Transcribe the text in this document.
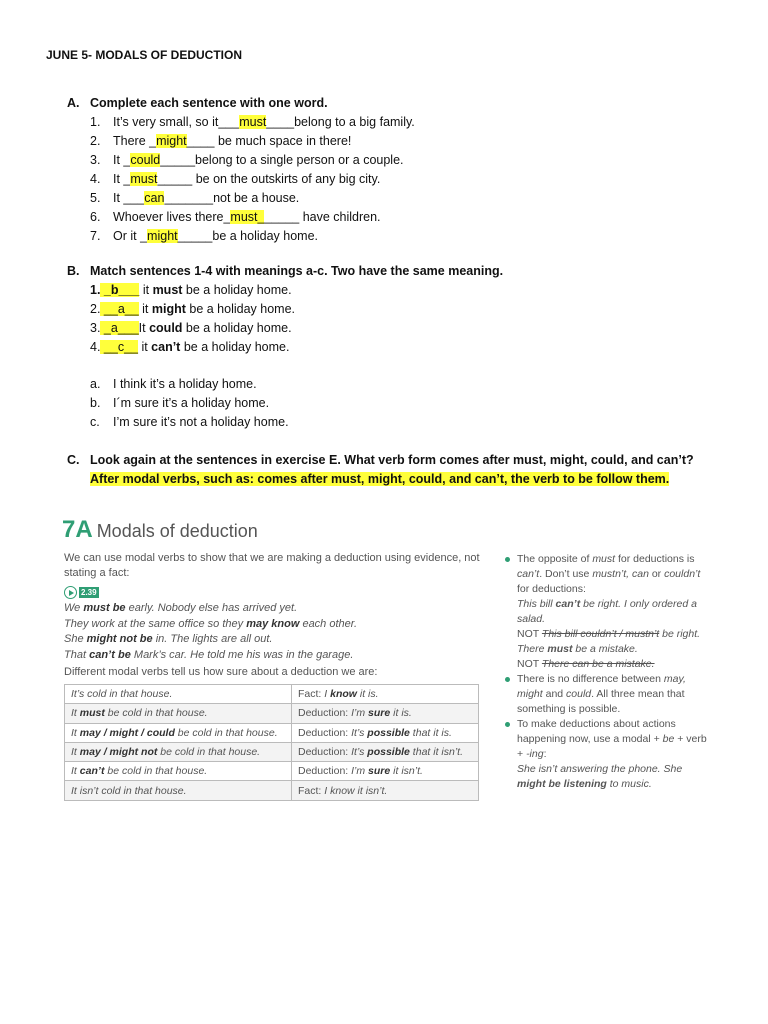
JUNE 5- MODALS OF DEDUCTION
A. Complete each sentence with one word.
1. It’s very small, so it___must____belong to a big family.
2. There _might____ be much space in there!
3. It _could_____belong to a single person or a couple.
4. It _must_____ be on the outskirts of any big city.
5. It ___can_______not be a house.
6. Whoever lives there_must______ have children.
7. Or it _might_____be a holiday home.
B. Match sentences 1-4 with meanings a-c. Two have the same meaning.
1. _b___ it must be a holiday home.
2. __a__ it might be a holiday home.
3. _a___It could be a holiday home.
4. __c__ it can’t be a holiday home.
a. I think it’s a holiday home.
b. I´m sure it’s a holiday home.
c. I’m sure it’s not a holiday home.
C. Look again at the sentences in exercise E. What verb form comes after must, might, could, and can’t?
After modal verbs, such as: comes after must, might, could, and can’t, the verb to be follow them.
7A Modals of deduction
We can use modal verbs to show that we are making a deduction using evidence, not stating a fact:
2.39
We must be early. Nobody else has arrived yet.
They work at the same office so they may know each other.
She might not be in. The lights are all out.
That can’t be Mark’s car. He told me his was in the garage.
Different modal verbs tell us how sure about a deduction we are:
It’s cold in that house.	Fact: I know it is.
It must be cold in that house.	Deduction: I’m sure it is.
It may / might / could be cold in that house.	Deduction: It’s possible that it is.
It may / might not be cold in that house.	Deduction: It’s possible that it isn’t.
It can’t be cold in that house.	Deduction: I’m sure it isn’t.
It isn’t cold in that house.	Fact: I know it isn’t.
The opposite of must for deductions is can’t. Don’t use mustn’t, can or couldn’t for deductions:
This bill can’t be right. I only ordered a salad.
NOT This bill couldn’t / mustn’t be right.
There must be a mistake.
NOT There can be a mistake.
There is no difference between may, might and could. All three mean that something is possible.
To make deductions about actions happening now, use a modal + be + verb + -ing:
She isn’t answering the phone. She might be listening to music.
